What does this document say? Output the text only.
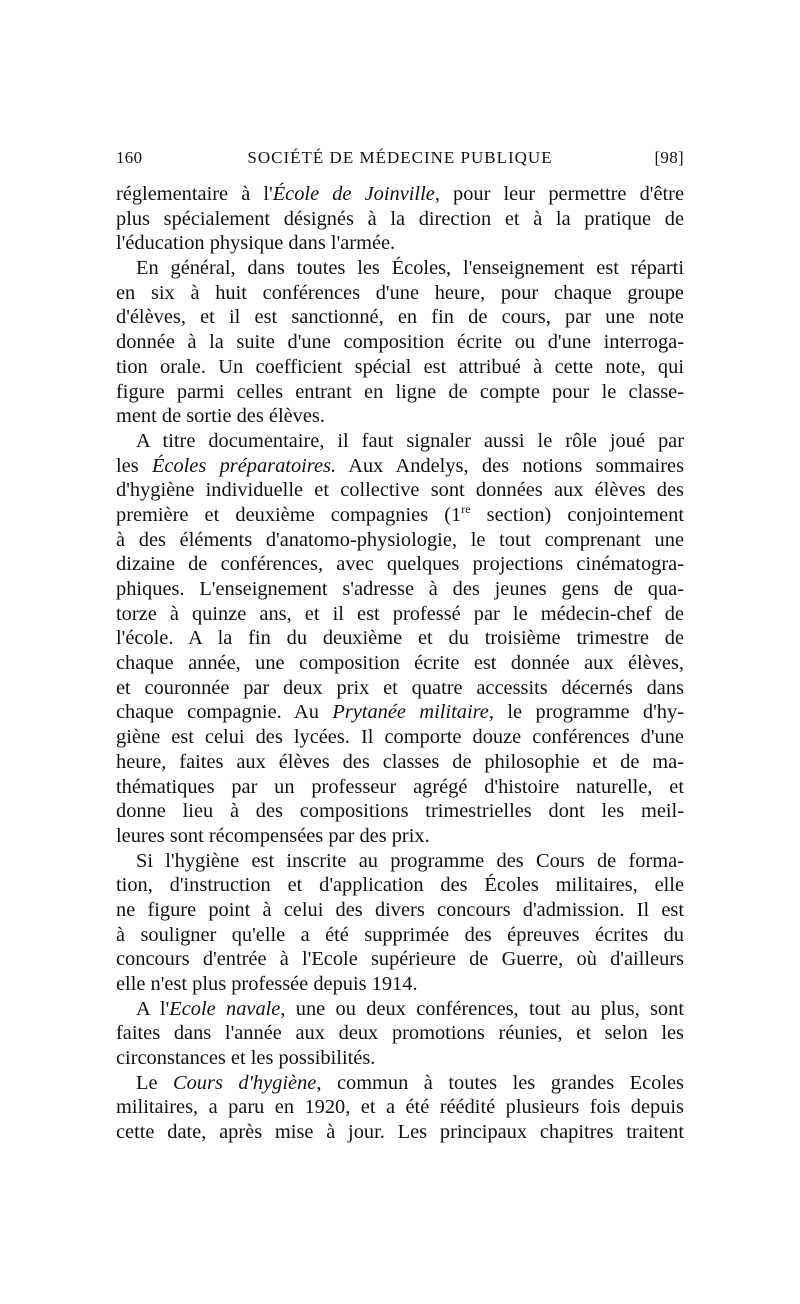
160	SOCIÉTÉ DE MÉDECINE PUBLIQUE	[98]
réglementaire à l'École de Joinville, pour leur permettre d'être
plus spécialement désignés à la direction et à la pratique de
l'éducation physique dans l'armée.
En général, dans toutes les Écoles, l'enseignement est réparti
en six à huit conférences d'une heure, pour chaque groupe
d'élèves, et il est sanctionné, en fin de cours, par une note
donnée à la suite d'une composition écrite ou d'une interroga-
tion orale. Un coefficient spécial est attribué à cette note, qui
figure parmi celles entrant en ligne de compte pour le classe-
ment de sortie des élèves.
A titre documentaire, il faut signaler aussi le rôle joué par
les Écoles préparatoires. Aux Andelys, des notions sommaires
d'hygiène individuelle et collective sont données aux élèves des
première et deuxième compagnies (1re section) conjointement
à des éléments d'anatomo-physiologie, le tout comprenant une
dizaine de conférences, avec quelques projections cinématogra-
phiques. L'enseignement s'adresse à des jeunes gens de qua-
torze à quinze ans, et il est professé par le médecin-chef de
l'école. A la fin du deuxième et du troisième trimestre de
chaque année, une composition écrite est donnée aux élèves,
et couronnée par deux prix et quatre accessits décernés dans
chaque compagnie. Au Prytanée militaire, le programme d'hy-
giène est celui des lycées. Il comporte douze conférences d'une
heure, faites aux élèves des classes de philosophie et de ma-
thématiques par un professeur agrégé d'histoire naturelle, et
donne lieu à des compositions trimestrielles dont les meil-
leures sont récompensées par des prix.
Si l'hygiène est inscrite au programme des Cours de forma-
tion, d'instruction et d'application des Écoles militaires, elle
ne figure point à celui des divers concours d'admission. Il est
à souligner qu'elle a été supprimée des épreuves écrites du
concours d'entrée à l'Ecole supérieure de Guerre, où d'ailleurs
elle n'est plus professée depuis 1914.
A l'Ecole navale, une ou deux conférences, tout au plus, sont
faites dans l'année aux deux promotions réunies, et selon les
circonstances et les possibilités.
Le Cours d'hygiène, commun à toutes les grandes Ecoles
militaires, a paru en 1920, et a été réédité plusieurs fois depuis
cette date, après mise à jour. Les principaux chapitres traitent
